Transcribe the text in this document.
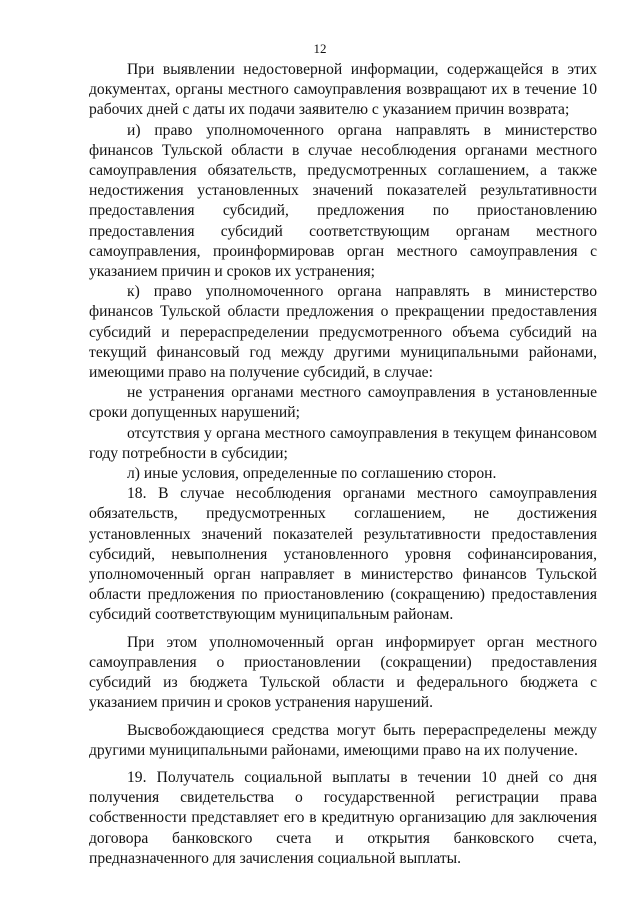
12

При выявлении недостоверной информации, содержащейся в этих документах, органы местного самоуправления возвращают их в течение 10 рабочих дней с даты их подачи заявителю с указанием причин возврата;

и) право уполномоченного органа направлять в министерство финансов Тульской области в случае несоблюдения органами местного самоуправления обязательств, предусмотренных соглашением, а также недостижения установленных значений показателей результативности предоставления субсидий, предложения по приостановлению предоставления субсидий соответствующим органам местного самоуправления, проинформировав орган местного самоуправления с указанием причин и сроков их устранения;

к) право уполномоченного органа направлять в министерство финансов Тульской области предложения о прекращении предоставления субсидий и перераспределении предусмотренного объема субсидий на текущий финансовый год между другими муниципальными районами, имеющими право на получение субсидий, в случае:

не устранения органами местного самоуправления в установленные сроки допущенных нарушений;

отсутствия у органа местного самоуправления в текущем финансовом году потребности в субсидии;

л) иные условия, определенные по соглашению сторон.

18. В случае несоблюдения органами местного самоуправления обязательств, предусмотренных соглашением, не достижения установленных значений показателей результативности предоставления субсидий, невыполнения установленного уровня софинансирования, уполномоченный орган направляет в министерство финансов Тульской области предложения по приостановлению (сокращению) предоставления субсидий соответствующим муниципальным районам.

При этом уполномоченный орган информирует орган местного самоуправления о приостановлении (сокращении) предоставления субсидий из бюджета Тульской области и федерального бюджета с указанием причин и сроков устранения нарушений.

Высвобождающиеся средства могут быть перераспределены между другими муниципальными районами, имеющими право на их получение.

19. Получатель социальной выплаты в течении 10 дней со дня получения свидетельства о государственной регистрации права собственности представляет его в кредитную организацию для заключения договора банковского счета и открытия банковского счета, предназначенного для зачисления социальной выплаты.
